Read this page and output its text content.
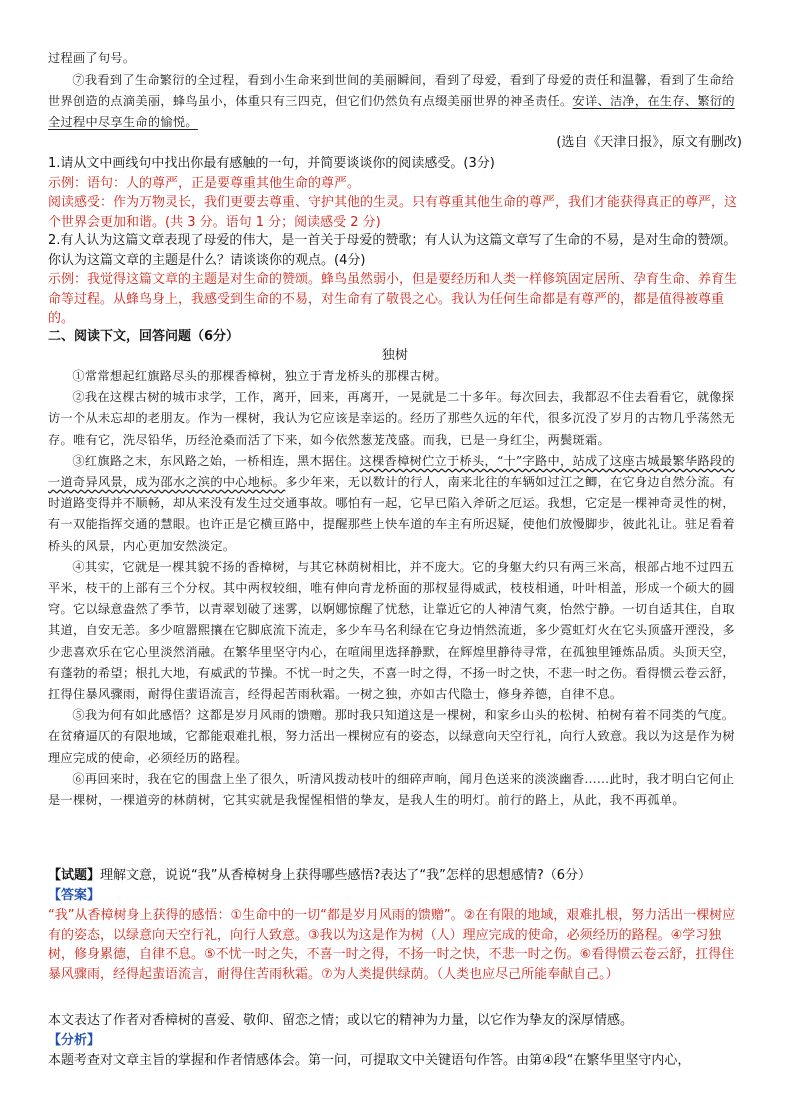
过程画了句号。

⑦我看到了生命繁衍的全过程，看到小生命来到世间的美丽瞬间，看到了母爱，看到了母爱的责任和温馨，看到了生命给世界创造的点滴美丽，蜂鸟虽小，体重只有三四克，但它们仍然负有点缀美丽世界的神圣责任。安详、洁净，在生存、繁衍的全过程中尽享生命的愉悦。

(选自《天津日报》，原文有删改)

1.请从文中画线句中找出你最有感触的一句，并简要谈谈你的阅读感受。(3分)
示例：语句：人的尊严，正是要尊重其他生命的尊严。
阅读感受：作为万物灵长，我们更要去尊重、守护其他的生灵。只有尊重其他生命的尊严，我们才能获得真正的尊严，这个世界会更加和谐。(共 3 分。语句 1 分；阅读感受 2 分)
2.有人认为这篇文章表现了母爱的伟大，是一首关于母爱的赞歌；有人认为这篇文章写了生命的不易，是对生命的赞颂。你认为这篇文章的主题是什么？请谈谈你的观点。(4分)
示例：我觉得这篇文章的主题是对生命的赞颂。蜂鸟虽然弱小，但是要经历和人类一样修筑固定居所、孕育生命、养育生命等过程。从蜂鸟身上，我感受到生命的不易，对生命有了敬畏之心。我认为任何生命都是有尊严的，都是值得被尊重的。
二、阅读下文，回答问题（6分）
独树

①常常想起红旗路尽头的那棵香樟树，独立于青龙桥头的那棵古树。

②我在这棵古树的城市求学，工作，离开，回来，再离开，一晃就是二十多年。每次回去，我都忍不住去看看它，就像探访一个从未忘却的老朋友。作为一棵树，我认为它应该是幸运的。经历了那些久远的年代，很多沉没了岁月的古物几乎荡然无存。唯有它，洗尽铅华，历经沧桑而活了下来，如今依然葱茏茂盛。而我，已是一身红尘，两鬓斑霜。

③红旗路之末，东风路之始，一桥相连，黑木据住。这棵香樟树伫立于桥头，“十”字路中，站成了这座古城最繁华路段的一道奇异风景，成为邵水之滨的中心地标。多少年来，无以数计的行人，南来北往的车辆如过江之鲫，在它身边自然分流。有时道路变得并不顺畅，却从来没有发生过交通事故。哪怕有一起，它早已陷入斧斫之厄运。我想，它定是一棵神奇灵性的树，有一双能指挥交通的慧眼。也许正是它横亘路中，提醒那些上快车道的车主有所迟疑，使他们放慢脚步，彼此礼让。驻足看着桥头的风景，内心更加安然淡定。

④其实，它就是一棵其貌不扬的香樟树，与其它林荫树相比，并不庞大。它的身躯大约只有两三米高，根部占地不过四五平米，枝干的上部有三个分杈。其中两杈较细，唯有伸向青龙桥面的那杈显得威武，枝枝相通，叶叶相盖，形成一个硕大的圆穹。它以绿意盎然了季节，以青翠划破了迷雾，以婀娜惊醒了忧愁，让靠近它的人神清气爽，怡然宁静。一切自适其住，自取其道，自安无恙。多少喧嚣熙攘在它脚底流下流走，多少车马名利绿在它身边悄然流逝，多少霓虹灯火在它头顶盛开湮没，多少悲喜欢乐在它心里淡然消融。在繁华里坚守内心，在喧闹里选择静默，在辉煌里静待寻常，在孤独里锤炼品质。头顶天空，有蓬勃的希望；根扎大地，有威武的节操。不忧一时之失，不喜一时之得，不扬一时之快，不悲一时之伤。看得惯云卷云舒，扛得住暴风骤雨，耐得住蜚语流言，经得起苦雨秋霜。一树之独，亦如古代隐士，修身养德，自律不息。

⑤我为何有如此感悟？这都是岁月风雨的馈赠。那时我只知道这是一棵树，和家乡山头的松树、柏树有着不同类的气度。在贫瘠逼仄的有限地域，它都能艰难扎根，努力活出一棵树应有的姿态，以绿意向天空行礼，向行人致意。我以为这是作为树理应完成的使命，必须经历的路程。

⑥再回来时，我在它的围盘上坐了很久，听清风拨动枝叶的细碎声响，闻月色送来的淡淡幽香……此时，我才明白它何止是一棵树，一棵道旁的林荫树，它其实就是我惺惺相惜的挚友，是我人生的明灯。前行的路上，从此，我不再孤单。

【试题】理解文意，说说“我”从香樟树身上获得哪些感悟?表达了“我”怎样的思想感情?（6分）
【答案】
“我”从香樟树身上获得的感悟：①生命中的一切“都是岁月风雨的馈赠”。②在有限的地域，艰难扎根，努力活出一棵树应有的姿态，以绿意向天空行礼，向行人致意。③我以为这是作为树（人）理应完成的使命，必须经历的路程。④学习独树，修身累德，自律不息。⑤不忧一时之失，不喜一时之得，不扬一时之快，不悲一时之伤。⑥看得惯云卷云舒，扛得住暴风骤雨，经得起蜚语流言，耐得住苦雨秋霜。⑦为人类提供绿荫。（人类也应尽己所能奉献自己。）
本文表达了作者对香樟树的喜爱、敬仰、留恋之情；或以它的精神为力量，以它作为挚友的深厚情感。
【分析】
本题考查对文章主旨的掌握和作者情感体会。第一问，可提取文中关键语句作答。由第④段“在繁华里坚守内心，
